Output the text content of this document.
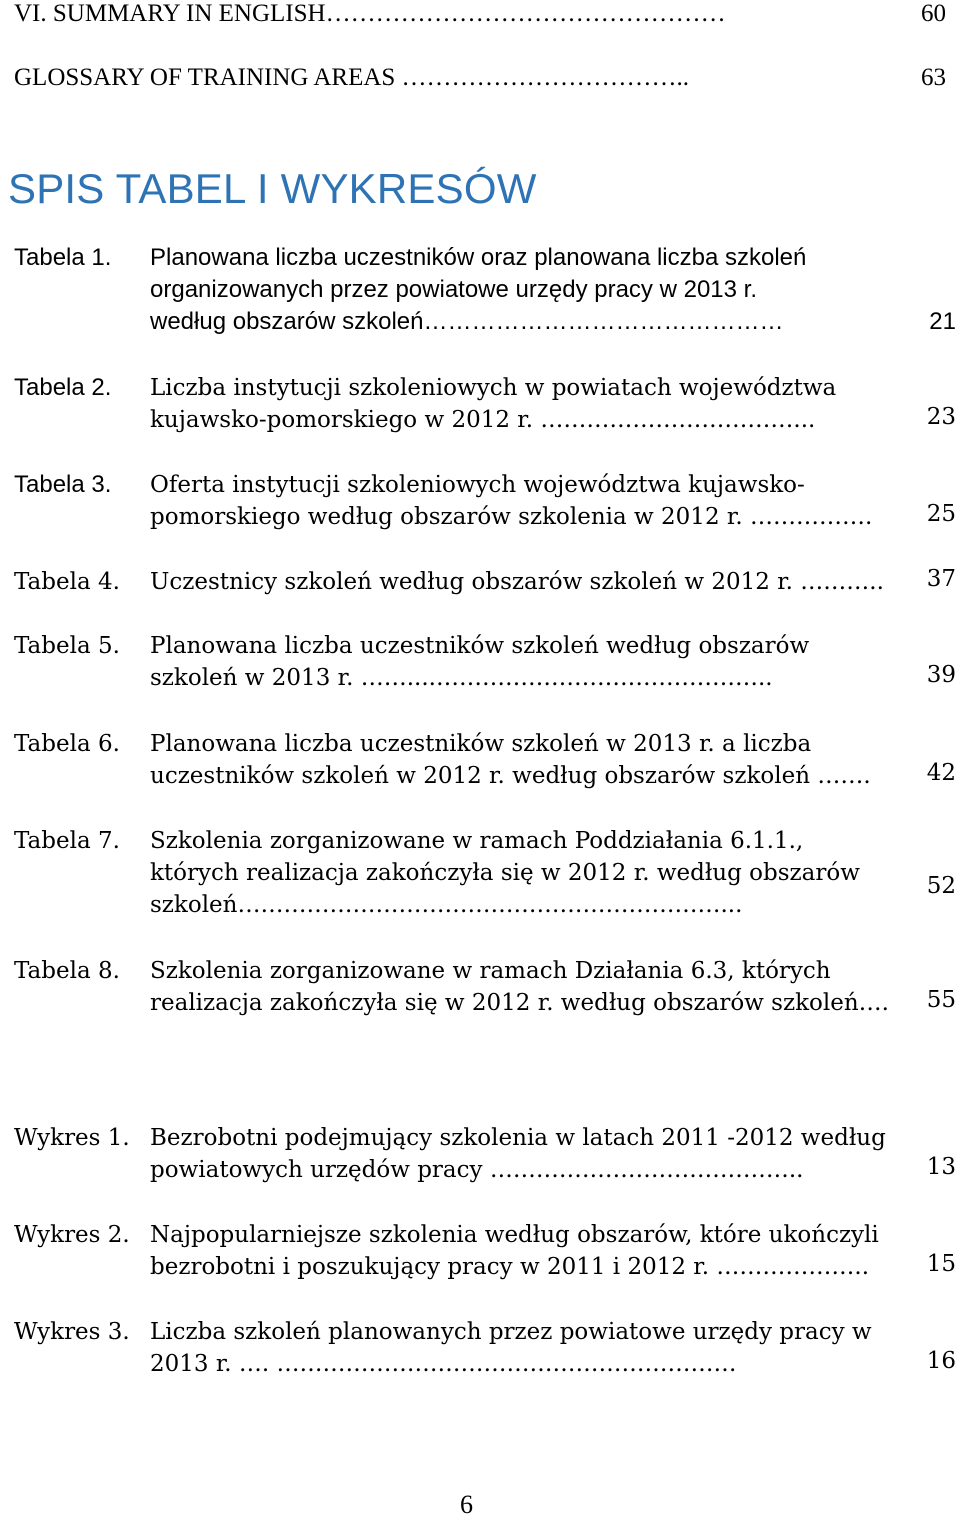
VI. SUMMARY IN ENGLISH…………………………………………	60
GLOSSARY OF TRAINING AREAS ……………………………..	63
SPIS TABEL I WYKRESÓW
Tabela 1. Planowana liczba uczestników oraz planowana liczba szkoleń
organizowanych przez powiatowe urzędy pracy w 2013 r.
według obszarów szkoleń………………………………………	21
Tabela 2. Liczba instytucji szkoleniowych w powiatach województwa
kujawsko-pomorskiego w 2012 r. ……………………………...	23
Tabela 3. Oferta instytucji szkoleniowych województwa kujawsko-
pomorskiego według obszarów szkolenia w 2012 r. ……………. 25
Tabela 4. Uczestnicy szkoleń według obszarów szkoleń w 2012 r. ……….. 37
Tabela 5. Planowana liczba uczestników szkoleń według obszarów
szkoleń w 2013 r. ……....……………………………………..	39
Tabela 6. Planowana liczba uczestników szkoleń w 2013 r. a liczba
uczestników szkoleń w 2012 r. według obszarów szkoleń ……. 42
Tabela 7. Szkolenia zorganizowane w ramach Poddziałania 6.1.1.,
których realizacja zakończyła się w 2012 r. według obszarów
szkoleń………………………………………………………...
52
Tabela 8. Szkolenia zorganizowane w ramach Działania 6.3, których
realizacja zakończyła się w 2012 r. według obszarów szkoleń…. 55
Wykres 1. Bezrobotni podejmujący szkolenia w latach 2011 -2012 według
powiatowych urzędów pracy …………………………………..	13
Wykres 2. Najpopularniejsze szkolenia według obszarów, które ukończyli
bezrobotni i poszukujący pracy w 2011 i 2012 r. ………………..	15
Wykres 3. Liczba szkoleń planowanych przez powiatowe urzędy pracy w
2013 r. …. ……………………………………………………	16
6
